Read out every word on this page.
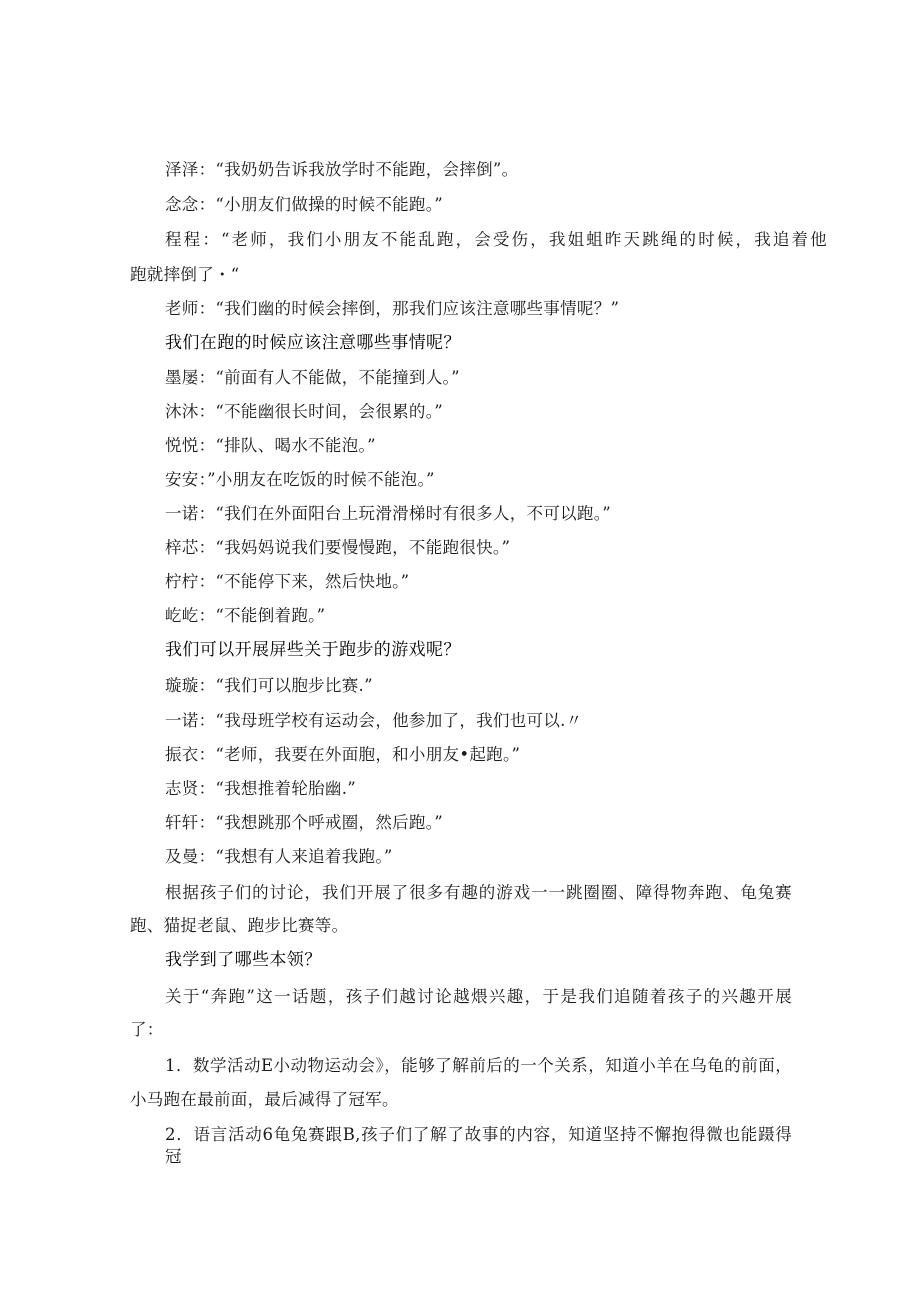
泽泽：“我奶奶告诉我放学时不能跑，会摔倒”。
念念：“小朋友们做操的时候不能跑。”
程程：“老师，我们小朋友不能乱跑，会受伤，我姐蛆昨天跳绳的时候，我追着他
跑就摔倒了・“
老师：“我们幽的时候会摔倒，那我们应该注意哪些事情呢？”
我们在跑的时候应该注意哪些事情呢？
墨屡：“前面有人不能做，不能撞到人。”
沐沐：“不能幽很长时间，会很累的。”
悦悦：“排队、喝水不能泡。”
安安：”小朋友在吃饭的时候不能泡。”
一诺：“我们在外面阳台上玩滑滑梯时有很多人，不可以跑。”
梓芯：“我妈妈说我们要慢慢跑，不能跑很快。”
柠柠：“不能停下来，然后快地。”
屹屹：“不能倒着跑。”
我们可以开展屏些关于跑步的游戏呢？
璇璇：“我们可以胞步比赛.”
一诺：“我母班学校有运动会，他参加了，我们也可以.〃
振衣：“老师，我要在外面胞，和小朋友•起跑。”
志贤：“我想推着轮胎幽.”
轩轩：“我想跳那个呼戒圈，然后跑。”
及曼：“我想有人来追着我跑。”
根据孩子们的讨论，我们开展了很多有趣的游戏一一跳圈圈、障得物奔跑、龟兔赛
跑、猫捉老鼠、跑步比赛等。
我学到了哪些本领？
关于“奔跑”这一话题，孩子们越讨论越煨兴趣，于是我们追随着孩子的兴趣开展
了：
1．数学活动E小动物运动会》，能够了解前后的一个关系，知道小羊在乌龟的前面，
小马跑在最前面，最后减得了冠军。
2．语言活动6龟兔赛跟B,孩子们了解了故事的内容，知道坚持不懈抱得微也能蹑得冠
